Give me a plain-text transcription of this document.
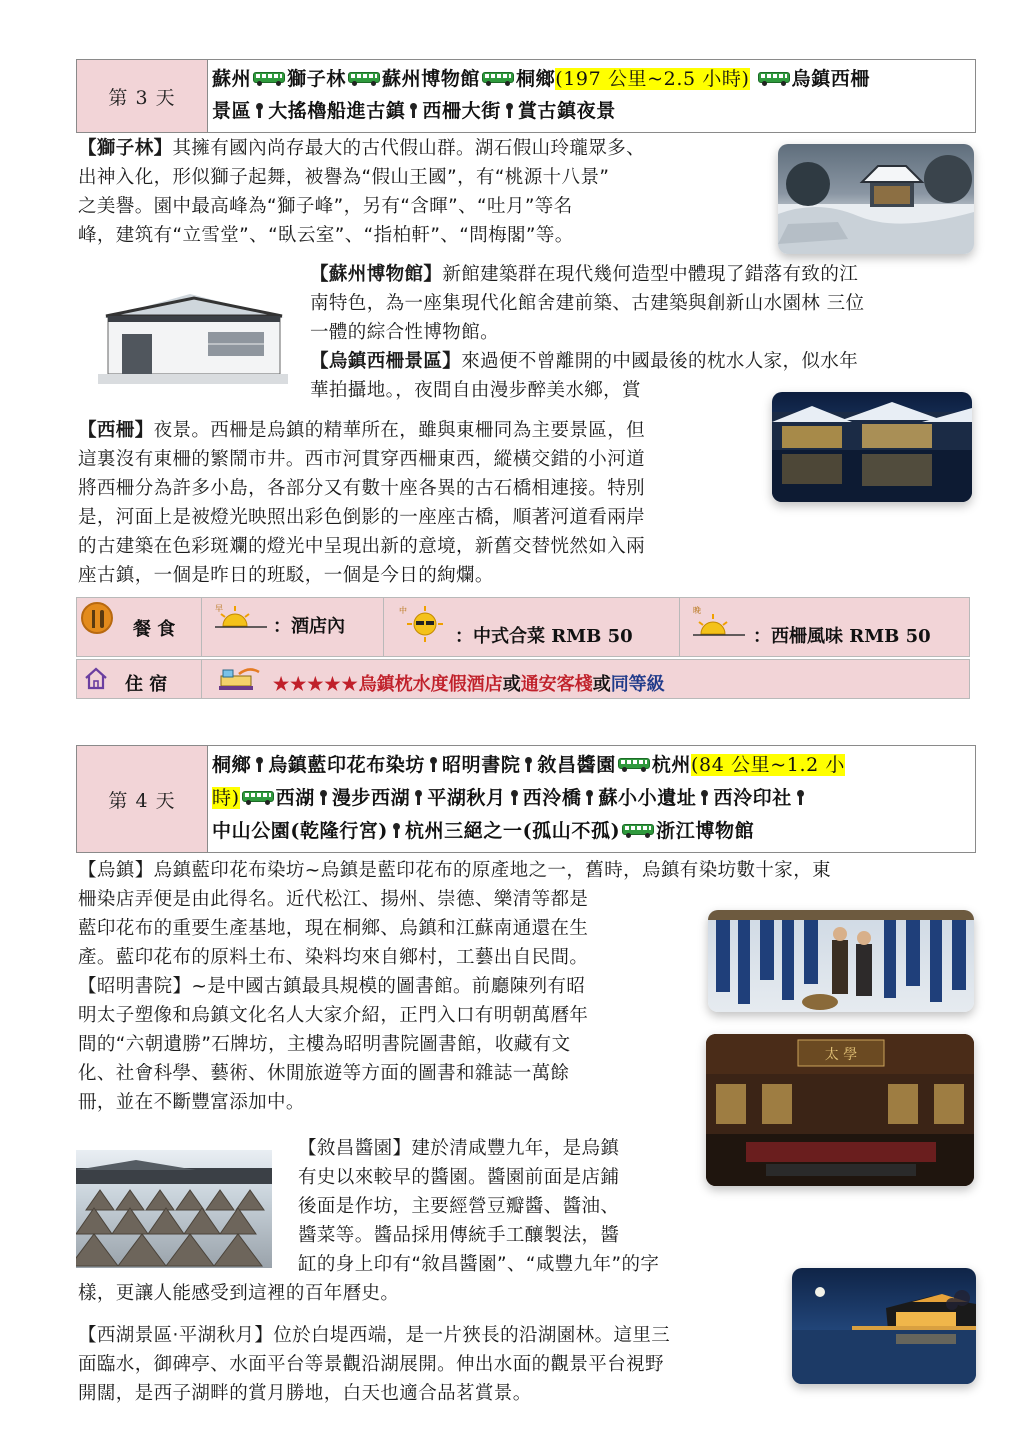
第 3 天
蘇州 獅子林 蘇州博物館 桐鄉(197 公里~2.5 小時) 烏鎮西柵
景區 大搖櫓船進古鎮 西柵大街 賞古鎮夜景
【獅子林】其擁有國內尚存最大的古代假山群。湖石假山玲瓏眾多、
出神入化，形似獅子起舞，被譽為“假山王國”，有“桃源十八景”
之美譽。園中最高峰為“獅子峰”，另有“含暉”、“吐月”等名
峰，建筑有“立雪堂”、“臥云室”、“指柏軒”、“問梅閣”等。
【蘇州博物館】新館建築群在現代幾何造型中體現了錯落有致的江
南特色，為一座集現代化館舍建前築、古建築與創新山水園林 三位
一體的綜合性博物館。
【烏鎮西柵景區】來過便不曾離開的中國最後的枕水人家，似水年
華拍攝地。，夜間自由漫步醉美水鄉，賞
【西柵】夜景。西柵是烏鎮的精華所在，雖與東柵同為主要景區，但
這裏沒有東柵的繁鬧市井。西市河貫穿西柵東西，縱橫交錯的小河道
將西柵分為許多小島，各部分又有數十座各異的古石橋相連接。特別
是，河面上是被燈光映照出彩色倒影的一座座古橋，順著河道看兩岸
的古建築在色彩斑斕的燈光中呈現出新的意境，新舊交替恍然如入兩
座古鎮，一個是昨日的班駁，一個是今日的絢爛。
餐 食
早
：酒店內
中
：中式合菜 RMB 50
晚
：西柵風味 RMB 50
住 宿	★★★★★烏鎮枕水度假酒店或通安客棧或同等級
第 4 天
桐鄉 烏鎮藍印花布染坊 昭明書院 敘昌醬園 杭州(84 公里~1.2 小
時) 西湖 漫步西湖 平湖秋月 西泠橋 蘇小小遺址 西泠印社
中山公園(乾隆行宮) 杭州三絕之一(孤山不孤) 浙江博物館
【烏鎮】烏鎮藍印花布染坊~烏鎮是藍印花布的原產地之一，舊時，烏鎮有染坊數十家，東
柵染店弄便是由此得名。近代松江、揚州、崇德、樂清等都是
藍印花布的重要生產基地，現在桐鄉、烏鎮和江蘇南通還在生
產。藍印花布的原料土布、染料均來自鄉村，工藝出自民間。
【昭明書院】~是中國古鎮最具規模的圖書館。前廳陳列有昭
明太子塑像和烏鎮文化名人大家介紹，正門入口有明朝萬曆年
間的“六朝遺勝”石牌坊，主樓為昭明書院圖書館，收藏有文
化、社會科學、藝術、休閒旅遊等方面的圖書和雜誌一萬餘
冊，並在不斷豐富添加中。
太 學
【敘昌醬園】建於清咸豐九年，是烏鎮
有史以來較早的醬園。醬園前面是店鋪
後面是作坊，主要經營豆瓣醬、醬油、
醬菜等。醬品採用傳統手工釀製法，醬
缸的身上印有“敘昌醬園”、“咸豐九年”的字
樣，更讓人能感受到這裡的百年曆史。
【西湖景區·平湖秋月】位於白堤西端，是一片狹長的沿湖園林。這里三
面臨水，御碑亭、水面平台等景觀沿湖展開。伸出水面的觀景平台視野
開闊，是西子湖畔的賞月勝地，白天也適合品茗賞景。
